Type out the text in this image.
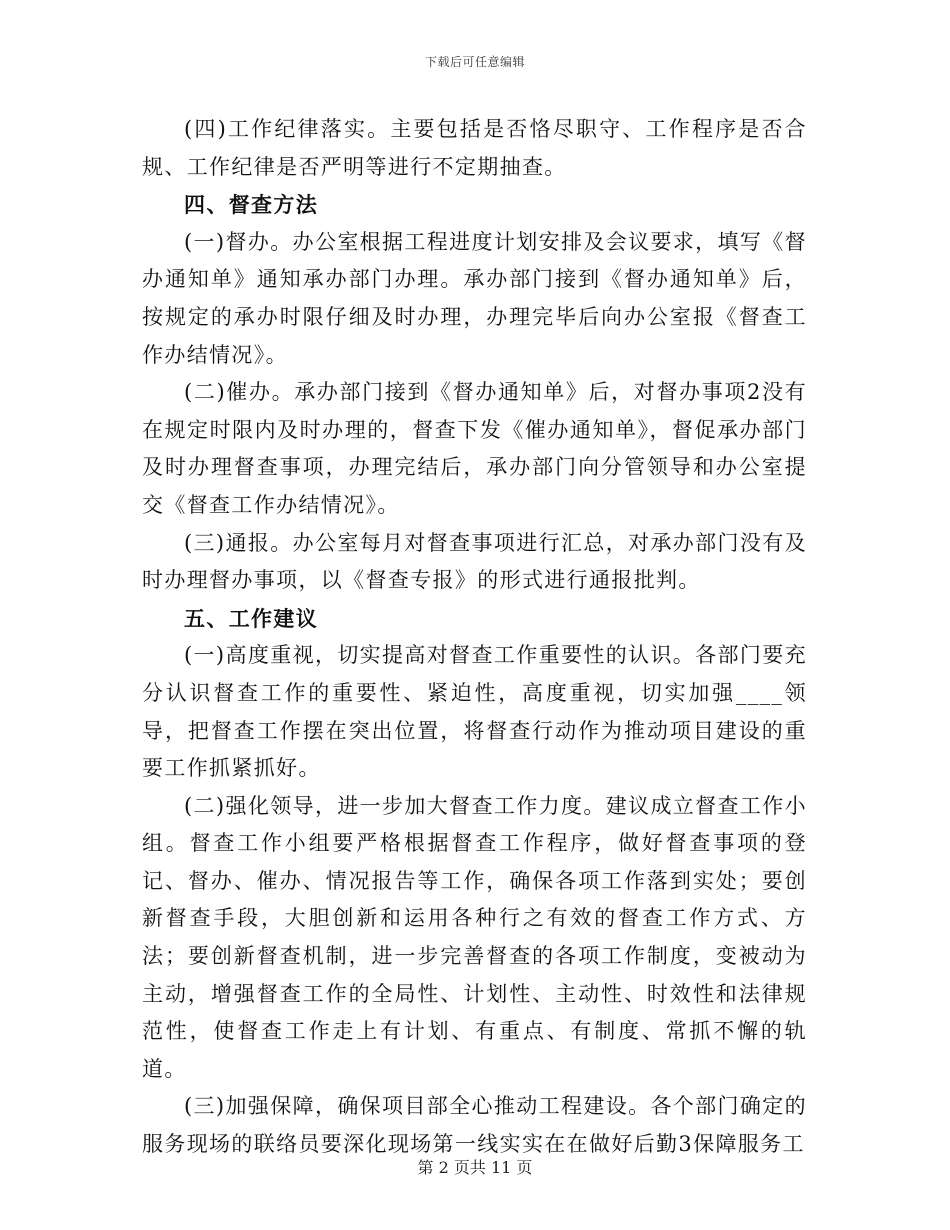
下载后可任意编辑

(四)工作纪律落实。主要包括是否恪尽职守、工作程序是否合规、工作纪律是否严明等进行不定期抽查。

四、督查方法

(一)督办。办公室根据工程进度计划安排及会议要求，填写《督办通知单》通知承办部门办理。承办部门接到《督办通知单》后，按规定的承办时限仔细及时办理，办理完毕后向办公室报《督查工作办结情况》。

(二)催办。承办部门接到《督办通知单》后，对督办事项2没有在规定时限内及时办理的，督查下发《催办通知单》，督促承办部门及时办理督查事项，办理完结后，承办部门向分管领导和办公室提交《督查工作办结情况》。

(三)通报。办公室每月对督查事项进行汇总，对承办部门没有及时办理督办事项，以《督查专报》的形式进行通报批判。

五、工作建议

(一)高度重视，切实提高对督查工作重要性的认识。各部门要充分认识督查工作的重要性、紧迫性，高度重视，切实加强____领导，把督查工作摆在突出位置，将督查行动作为推动项目建设的重要工作抓紧抓好。

(二)强化领导，进一步加大督查工作力度。建议成立督查工作小组。督查工作小组要严格根据督查工作程序，做好督查事项的登记、督办、催办、情况报告等工作，确保各项工作落到实处；要创新督查手段，大胆创新和运用各种行之有效的督查工作方式、方法；要创新督查机制，进一步完善督查的各项工作制度，变被动为主动，增强督查工作的全局性、计划性、主动性、时效性和法律规范性，使督查工作走上有计划、有重点、有制度、常抓不懈的轨道。

(三)加强保障，确保项目部全心推动工程建设。各个部门确定的服务现场的联络员要深化现场第一线实实在在做好后勤3保障服务工

第 2 页共 11 页
